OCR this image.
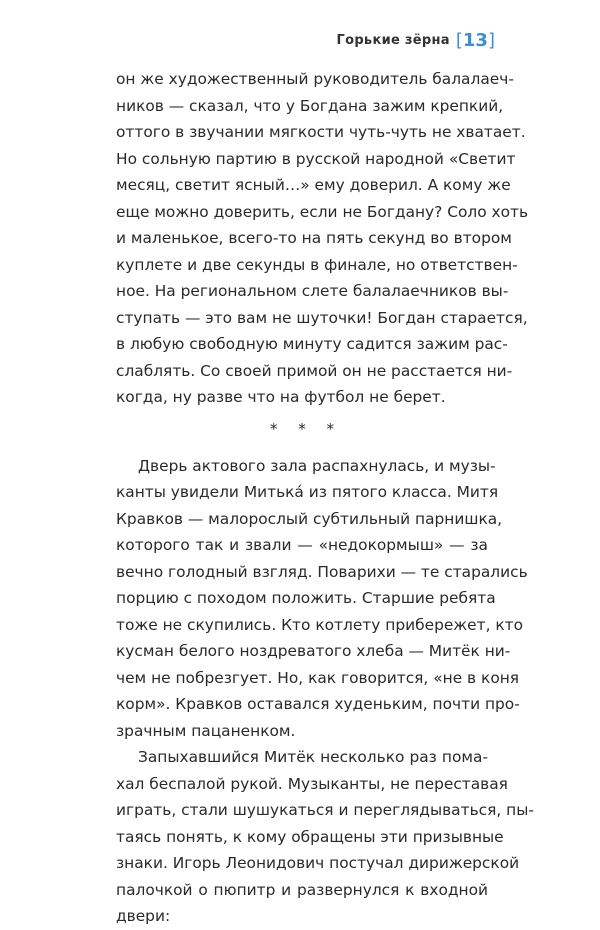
Горькие зёрна [13]
он же художественный руководитель балалаеч-
ников — сказал, что у Богдана зажим крепкий,
оттого в звучании мягкости чуть-чуть не хватает.
Но сольную партию в русской народной «Светит
месяц, светит ясный…» ему доверил. А кому же
еще можно доверить, если не Богдану? Соло хоть
и маленькое, всего-то на пять секунд во втором
куплете и две секунды в финале, но ответствен-
ное. На региональном слете балалаечников вы-
ступать — это вам не шуточки! Богдан старается,
в любую свободную минуту садится зажим рас-
слаблять. Со своей примой он не расстается ни-
когда, ну разве что на футбол не берет.
* * *
Дверь актового зала распахнулась, и музы-
канты увидели Митька́ из пятого класса. Митя
Кравков — малорослый субтильный парнишка,
которого так и звали — «недокормыш» — за
вечно голодный взгляд. Поварихи — те старались
порцию с походом положить. Старшие ребята
тоже не скупились. Кто котлету прибережет, кто
кусман белого ноздреватого хлеба — Митёк ни-
чем не побрезгует. Но, как говорится, «не в коня
корм». Кравков оставался худеньким, почти про-
зрачным пацаненком.
Запыхавшийся Митёк несколько раз пома-
хал беспалой рукой. Музыканты, не переставая
играть, стали шушукаться и переглядываться, пы-
таясь понять, к кому обращены эти призывные
знаки. Игорь Леонидович постучал дирижерской
палочкой о пюпитр и развернулся к входной
двери:
